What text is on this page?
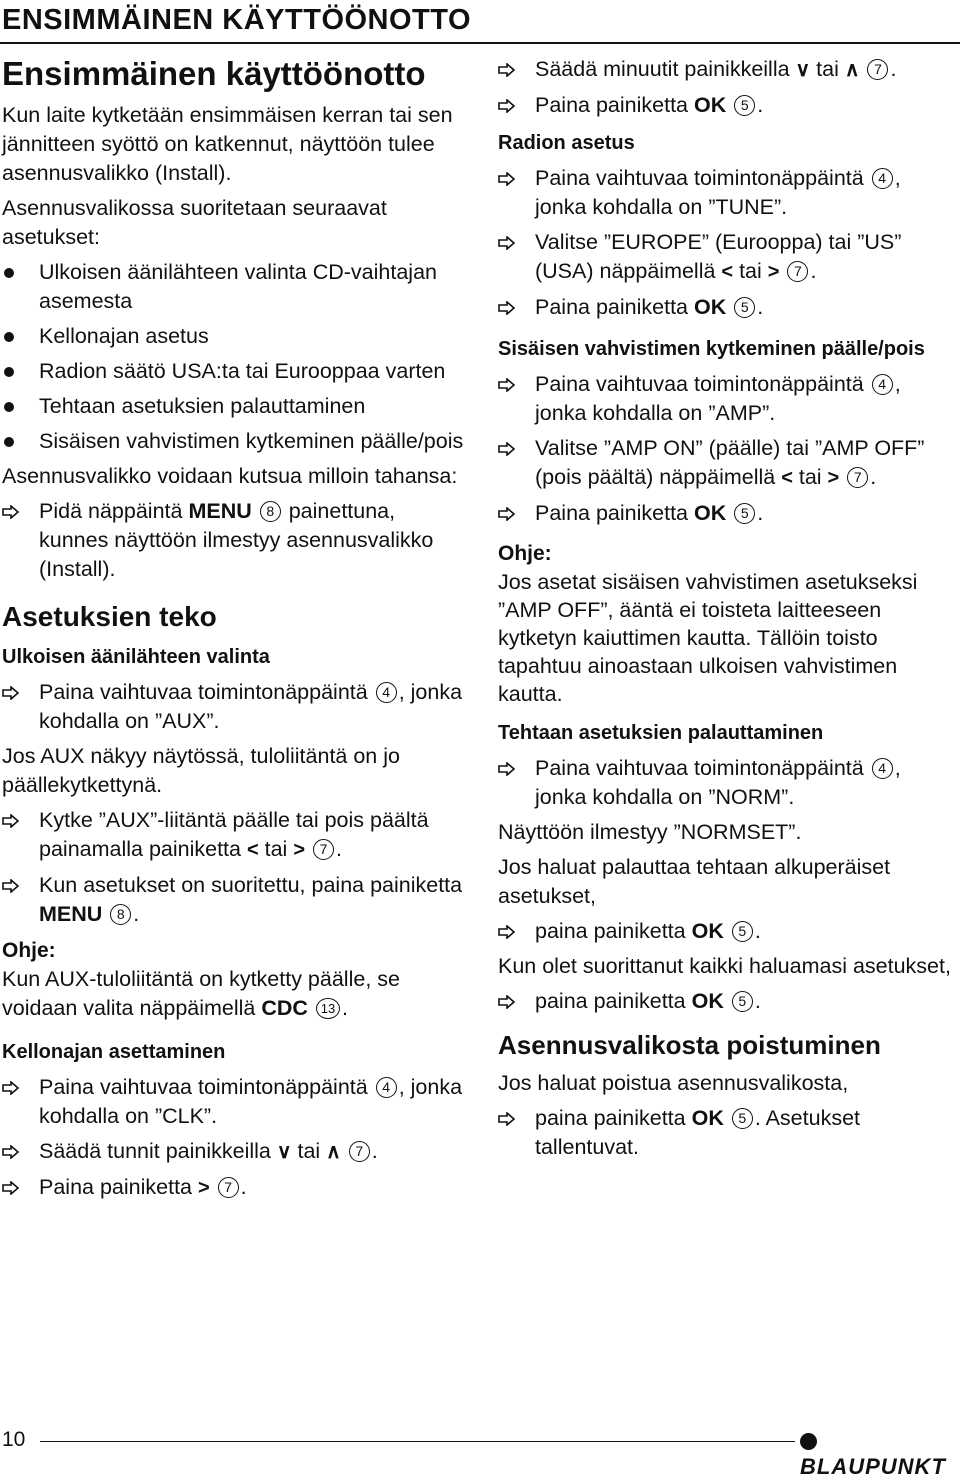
ENSIMMÄINEN KÄYTTÖÖNOTTO
Ensimmäinen käyttöönotto
Kun laite kytketään ensimmäisen kerran tai sen jännitteen syöttö on katkennut, näyttöön tulee asennusvalikko (Install).
Asennusvalikossa suoritetaan seuraavat asetukset:
Ulkoisen äänilähteen valinta CD-vaihtajan asemesta
Kellonajan asetus
Radion säätö USA:ta tai Eurooppaa varten
Tehtaan asetuksien palauttaminen
Sisäisen vahvistimen kytkeminen päälle/pois
Asennusvalikko voidaan kutsua milloin tahansa:
Pidä näppäintä MENU 8 painettuna, kunnes näyttöön ilmestyy asennusvalikko (Install).
Asetuksien teko
Ulkoisen äänilähteen valinta
Paina vaihtuvaa toimintonäppäintä 4 , jonka kohdalla on ”AUX”.
Jos AUX näkyy näytössä, tuloliitäntä on jo päällekytkettynä.
Kytke ”AUX”-liitäntä päälle tai pois päältä painamalla painiketta < tai > 7 .
Kun asetukset on suoritettu, paina painiketta MENU 8 .
Ohje:
Kun AUX-tuloliitäntä on kytketty päälle, se voidaan valita näppäimellä CDC 13 .
Kellonajan asettaminen
Paina vaihtuvaa toimintonäppäintä 4 , jonka kohdalla on ”CLK”.
Säädä tunnit painikkeilla ∨ tai ∧ 7 .
Paina painiketta > 7 .
Säädä minuutit painikkeilla ∨ tai ∧ 7 .
Paina painiketta OK 5 .
Radion asetus
Paina vaihtuvaa toimintonäppäintä 4 , jonka kohdalla on ”TUNE”.
Valitse ”EUROPE” (Eurooppa) tai ”US” (USA) näppäimellä < tai > 7 .
Paina painiketta OK 5 .
Sisäisen vahvistimen kytkeminen päälle/pois
Paina vaihtuvaa toimintonäppäintä 4 , jonka kohdalla on ”AMP”.
Valitse ”AMP ON” (päälle) tai ”AMP OFF” (pois päältä) näppäimellä < tai > 7 .
Paina painiketta OK 5 .
Ohje:
Jos asetat sisäisen vahvistimen asetukseksi ”AMP OFF”, ääntä ei toisteta laitteeseen kytketyn kaiuttimen kautta. Tällöin toisto tapahtuu ainoastaan ulkoisen vahvistimen kautta.
Tehtaan asetuksien palauttaminen
Paina vaihtuvaa toimintonäppäintä 4 , jonka kohdalla on ”NORM”.
Näyttöön ilmestyy ”NORMSET”.
Jos haluat palauttaa tehtaan alkuperäiset asetukset,
paina painiketta OK 5 .
Kun olet suorittanut kaikki haluamasi asetukset,
paina painiketta OK 5 .
Asennusvalikosta poistuminen
Jos haluat poistua asennusvalikosta,
paina painiketta OK 5 . Asetukset tallentuvat.
10
BLAUPUNKT
